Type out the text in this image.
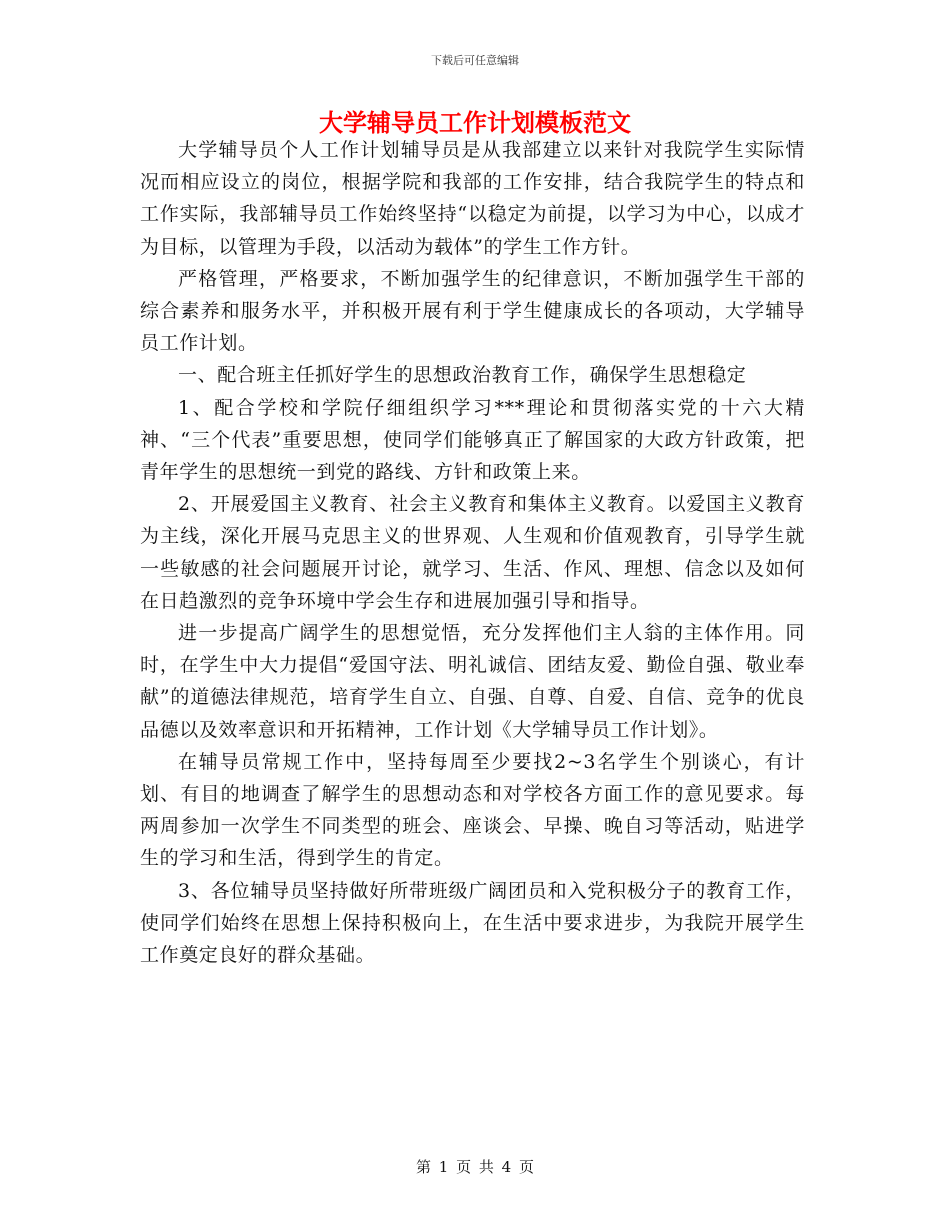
下载后可任意编辑
大学辅导员工作计划模板范文

大学辅导员个人工作计划辅导员是从我部建立以来针对我院学生实际情况而相应设立的岗位，根据学院和我部的工作安排，结合我院学生的特点和工作实际，我部辅导员工作始终坚持“以稳定为前提，以学习为中心，以成才为目标，以管理为手段，以活动为载体”的学生工作方针。

严格管理，严格要求，不断加强学生的纪律意识，不断加强学生干部的综合素养和服务水平，并积极开展有利于学生健康成长的各项动，大学辅导员工作计划。

一、配合班主任抓好学生的思想政治教育工作，确保学生思想稳定

1、配合学校和学院仔细组织学习***理论和贯彻落实党的十六大精神、“三个代表”重要思想，使同学们能够真正了解国家的大政方针政策，把青年学生的思想统一到党的路线、方针和政策上来。

2、开展爱国主义教育、社会主义教育和集体主义教育。以爱国主义教育为主线，深化开展马克思主义的世界观、人生观和价值观教育，引导学生就一些敏感的社会问题展开讨论，就学习、生活、作风、理想、信念以及如何在日趋激烈的竞争环境中学会生存和进展加强引导和指导。

进一步提高广阔学生的思想觉悟，充分发挥他们主人翁的主体作用。同时，在学生中大力提倡“爱国守法、明礼诚信、团结友爱、勤俭自强、敬业奉献”的道德法律规范，培育学生自立、自强、自尊、自爱、自信、竞争的优良品德以及效率意识和开拓精神，工作计划《大学辅导员工作计划》。

在辅导员常规工作中，坚持每周至少要找2~3名学生个别谈心，有计划、有目的地调查了解学生的思想动态和对学校各方面工作的意见要求。每两周参加一次学生不同类型的班会、座谈会、早操、晚自习等活动，贴进学生的学习和生活，得到学生的肯定。

3、各位辅导员坚持做好所带班级广阔团员和入党积极分子的教育工作，使同学们始终在思想上保持积极向上，在生活中要求进步，为我院开展学生工作奠定良好的群众基础。

第 1 页 共 4 页
